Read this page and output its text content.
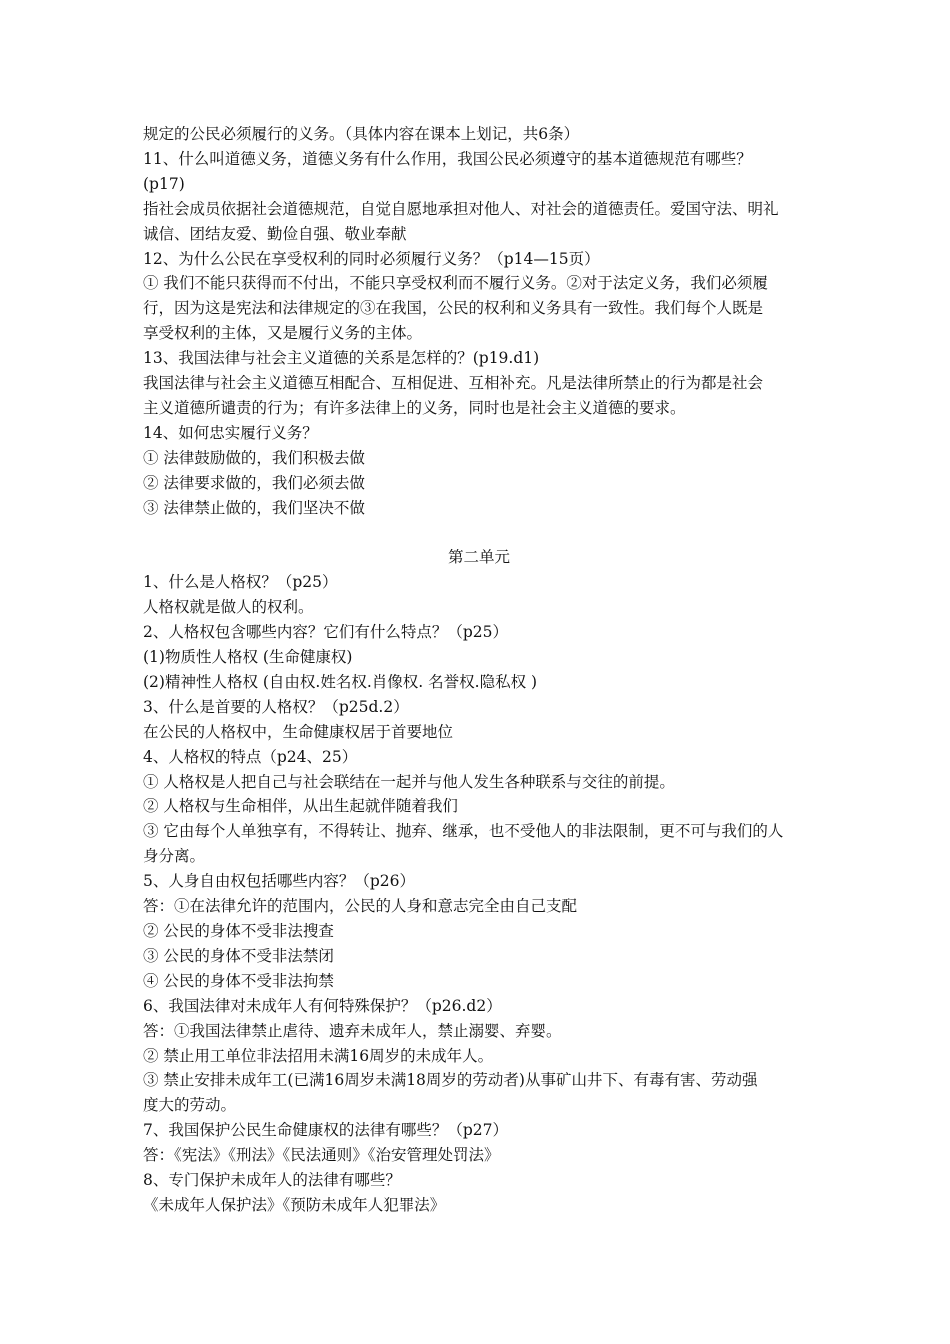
规定的公民必须履行的义务。（具体内容在课本上划记，共6条）
11、什么叫道德义务，道德义务有什么作用，我国公民必须遵守的基本道德规范有哪些？
(p17)
指社会成员依据社会道德规范，自觉自愿地承担对他人、对社会的道德责任。爱国守法、明礼
诚信、团结友爱、勤俭自强、敬业奉献
12、为什么公民在享受权利的同时必须履行义务？（p14—15页）
① 我们不能只获得而不付出，不能只享受权利而不履行义务。②对于法定义务，我们必须履
行，因为这是宪法和法律规定的③在我国，公民的权利和义务具有一致性。我们每个人既是
享受权利的主体，又是履行义务的主体。
13、我国法律与社会主义道德的关系是怎样的？(p19.d1)
我国法律与社会主义道德互相配合、互相促进、互相补充。凡是法律所禁止的行为都是社会
主义道德所谴责的行为；有许多法律上的义务，同时也是社会主义道德的要求。
14、如何忠实履行义务？
① 法律鼓励做的，我们积极去做
② 法律要求做的，我们必须去做
③ 法律禁止做的，我们坚决不做
第二单元
1、什么是人格权？（p25）
人格权就是做人的权利。
2、人格权包含哪些内容？它们有什么特点？（p25）
(1)物质性人格权 (生命健康权)
(2)精神性人格权 (自由权.姓名权.肖像权. 名誉权.隐私权 )
3、什么是首要的人格权？（p25d.2）
在公民的人格权中，生命健康权居于首要地位
4、人格权的特点（p24、25）
① 人格权是人把自己与社会联结在一起并与他人发生各种联系与交往的前提。
② 人格权与生命相伴，从出生起就伴随着我们
③ 它由每个人单独享有，不得转让、抛弃、继承，也不受他人的非法限制，更不可与我们的人
身分离。
5、人身自由权包括哪些内容？（p26）
答：①在法律允许的范围内，公民的人身和意志完全由自己支配
② 公民的身体不受非法搜查
③ 公民的身体不受非法禁闭
④ 公民的身体不受非法拘禁
6、我国法律对未成年人有何特殊保护？（p26.d2）
答：①我国法律禁止虐待、遗弃未成年人，禁止溺婴、弃婴。
② 禁止用工单位非法招用未满16周岁的未成年人。
③ 禁止安排未成年工(已满16周岁未满18周岁的劳动者)从事矿山井下、有毒有害、劳动强
度大的劳动。
7、我国保护公民生命健康权的法律有哪些？（p27）
答：《宪法》《刑法》《民法通则》《治安管理处罚法》
8、专门保护未成年人的法律有哪些？
《未成年人保护法》《预防未成年人犯罪法》
